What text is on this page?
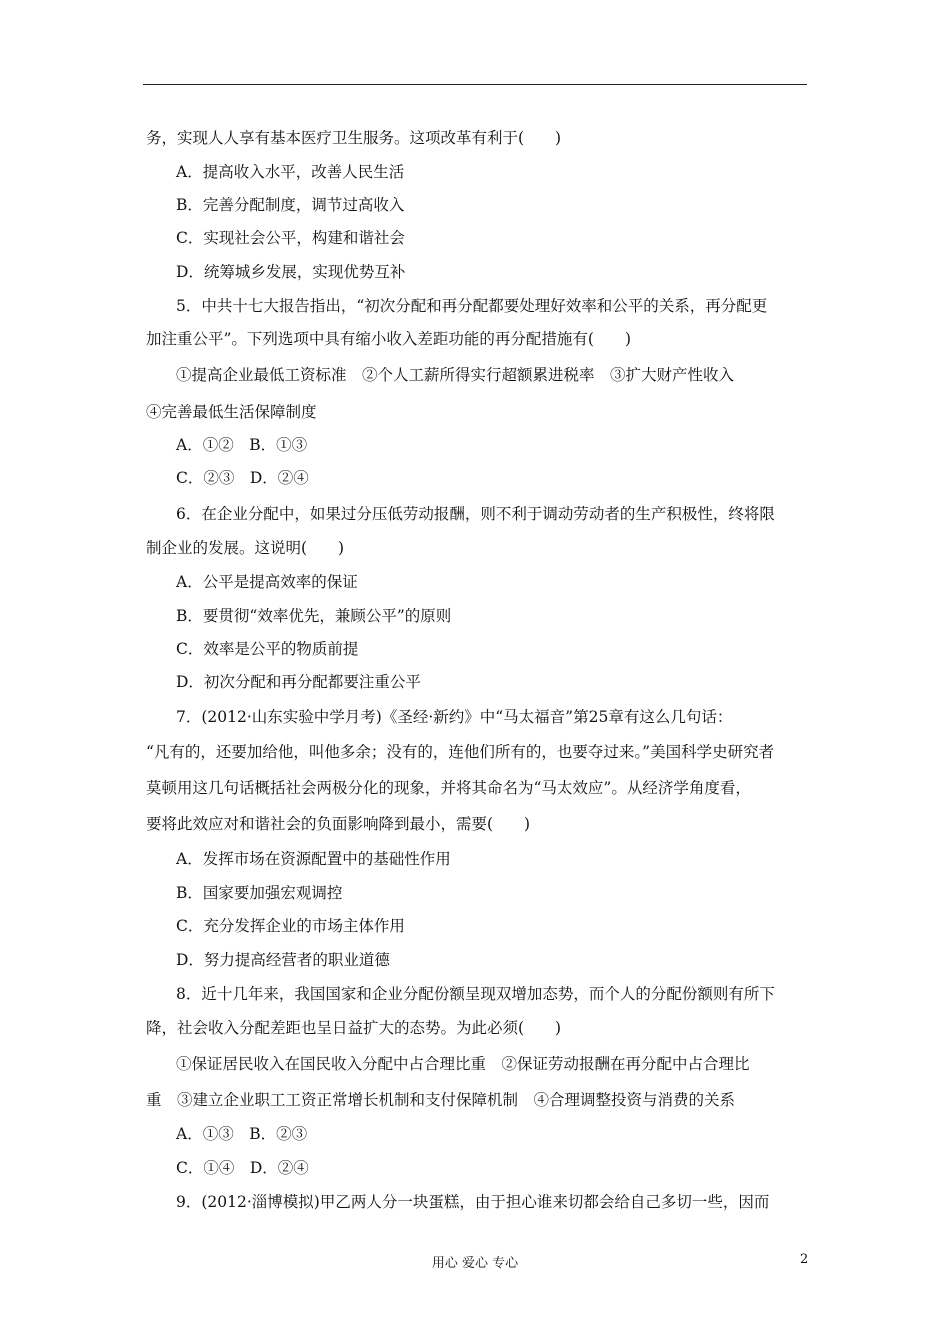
务，实现人人享有基本医疗卫生服务。这项改革有利于(　　)

A．提高收入水平，改善人民生活

B．完善分配制度，调节过高收入

C．实现社会公平，构建和谐社会

D．统筹城乡发展，实现优势互补

5．中共十七大报告指出，“初次分配和再分配都要处理好效率和公平的关系，再分配更

加注重公平”。下列选项中具有缩小收入差距功能的再分配措施有(　　)

①提高企业最低工资标准　②个人工薪所得实行超额累进税率　③扩大财产性收入

④完善最低生活保障制度

A．①②　B．①③

C．②③　D．②④

6．在企业分配中，如果过分压低劳动报酬，则不利于调动劳动者的生产积极性，终将限

制企业的发展。这说明(　　)

A．公平是提高效率的保证

B．要贯彻“效率优先，兼顾公平”的原则

C．效率是公平的物质前提

D．初次分配和再分配都要注重公平

7．(2012·山东实验中学月考)《圣经·新约》中“马太福音”第25章有这么几句话：

“凡有的，还要加给他，叫他多余；没有的，连他们所有的，也要夺过来。”美国科学史研究者

莫顿用这几句话概括社会两极分化的现象，并将其命名为“马太效应”。从经济学角度看，

要将此效应对和谐社会的负面影响降到最小，需要(　　)

A．发挥市场在资源配置中的基础性作用

B．国家要加强宏观调控

C．充分发挥企业的市场主体作用

D．努力提高经营者的职业道德

8．近十几年来，我国国家和企业分配份额呈现双增加态势，而个人的分配份额则有所下

降，社会收入分配差距也呈日益扩大的态势。为此必须(　　)

①保证居民收入在国民收入分配中占合理比重　②保证劳动报酬在再分配中占合理比

重　③建立企业职工工资正常增长机制和支付保障机制　④合理调整投资与消费的关系

A．①③　B．②③

C．①④　D．②④

9．(2012·淄博模拟)甲乙两人分一块蛋糕，由于担心谁来切都会给自己多切一些，因而

用心 爱心 专心	2
